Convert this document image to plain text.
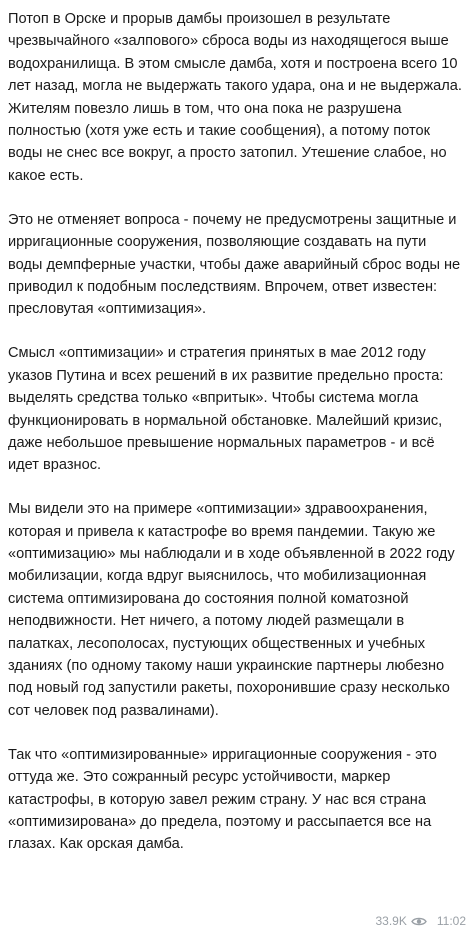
Потоп в Орске и прорыв дамбы произошел в результате чрезвычайного «залпового» сброса воды из находящегося выше водохранилища. В этом смысле дамба, хотя и построена всего 10 лет назад, могла не выдержать такого удара, она и не выдержала. Жителям повезло лишь в том, что она пока не разрушена полностью (хотя уже есть и такие сообщения), а потому поток воды не снес все вокруг, а просто затопил. Утешение слабое, но какое есть.

Это не отменяет вопроса - почему не предусмотрены защитные и ирригационные сооружения, позволяющие создавать на пути воды демпферные участки, чтобы даже аварийный сброс воды не приводил к подобным последствиям. Впрочем, ответ известен: пресловутая «оптимизация».

Смысл «оптимизации» и стратегия принятых в мае 2012 году указов Путина и всех решений в их развитие предельно проста: выделять средства только «впритык». Чтобы система могла функционировать в нормальной обстановке. Малейший кризис, даже небольшое превышение нормальных параметров - и всё идет вразнос.

Мы видели это на примере «оптимизации» здравоохранения, которая и привела к катастрофе во время пандемии. Такую же «оптимизацию» мы наблюдали и в ходе объявленной в 2022 году мобилизации, когда вдруг выяснилось, что мобилизационная система оптимизирована до состояния полной коматозной неподвижности. Нет ничего, а потому людей размещали в палатках, лесополосах, пустующих общественных и учебных зданиях (по одному такому наши украинские партнеры любезно под новый год запустили ракеты, похоронившие сразу несколько сот человек под развалинами).

Так что «оптимизированные» ирригационные сооружения - это оттуда же. Это сожранный ресурс устойчивости, маркер катастрофы, в которую завел режим страну. У нас вся страна «оптимизирована» до предела, поэтому и рассыпается все на глазах. Как орская дамба.

33.9K	11:02
